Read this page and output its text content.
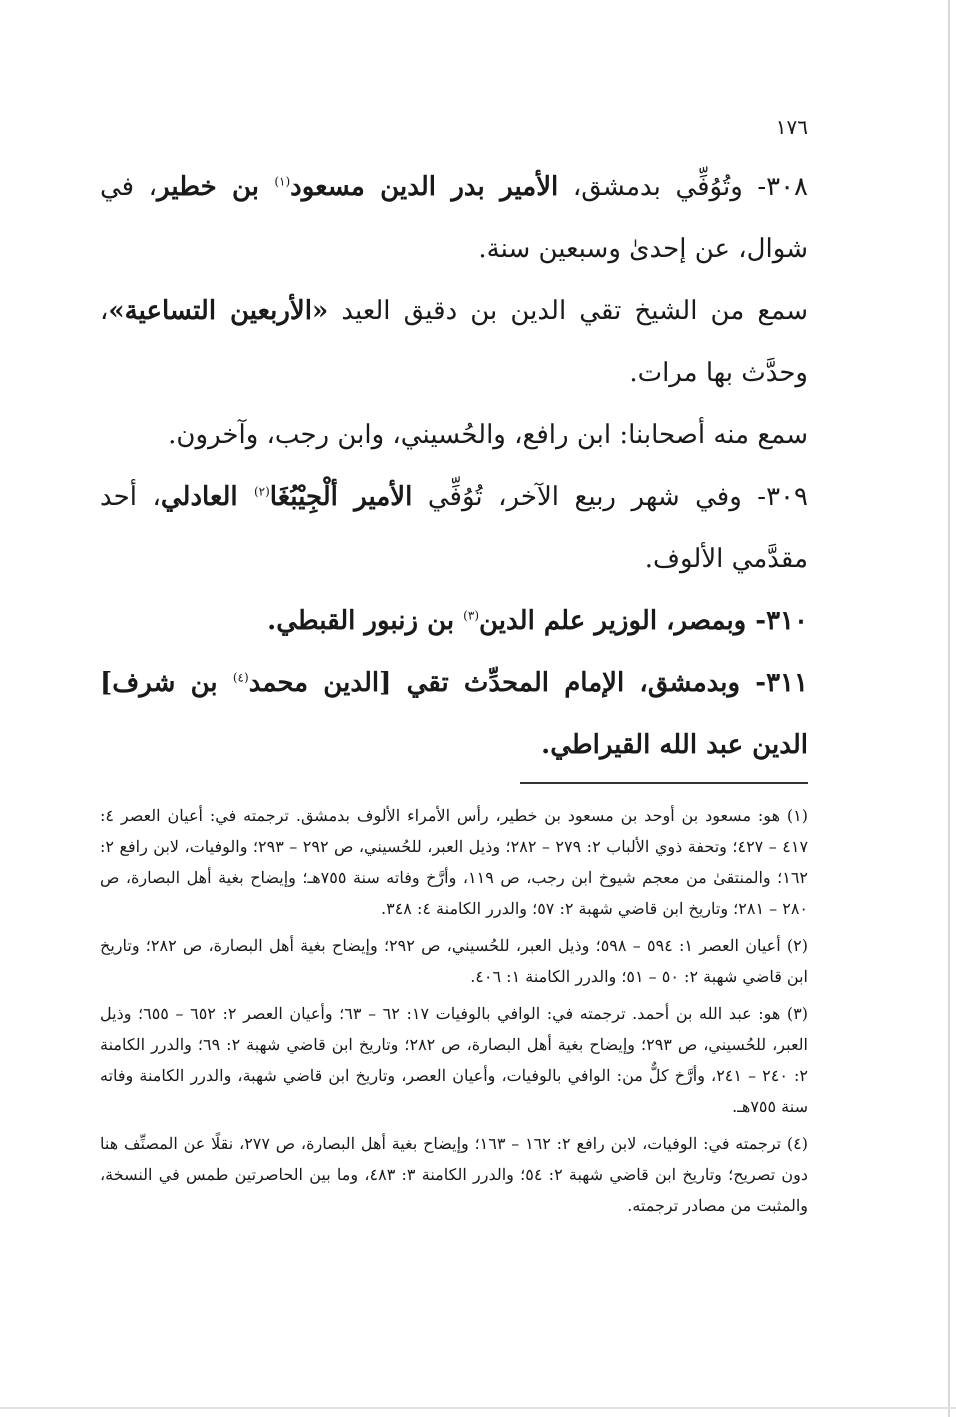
١٧٦

٣٠٨- وتُوُفِّي بدمشق، الأمير بدر الدين مسعود$^{(١)}$ بن خطير، في شوال، عن إحدىٰ وسبعين سنة.

سمع من الشيخ تقي الدين بن دقيق العيد «الأربعين التساعية»، وحدَّث بها مرات.

سمع منه أصحابنا: ابن رافع، والحُسيني، وابن رجب، وآخرون.

٣٠٩- وفي شهر ربيع الآخر، تُوُفِّي الأمير ألْجِيْبُغَا$^{(٢)}$ العادلي، أحد مقدَّمي الألوف.

٣١٠- وبمصر، الوزير علم الدين$^{(٣)}$ بن زنبور القبطي.

٣١١- وبدمشق، الإمام المحدِّث تقي [الدين محمد$^{(٤)}$ بن شرف] الدين عبد الله القيراطي.

(١) هو: مسعود بن أوحد بن مسعود بن خطير، رأس الأمراء الألوف بدمشق. ترجمته في: أعيان العصر ٤: ٤١٧ – ٤٢٧؛ وتحفة ذوي الألباب ٢: ٢٧٩ – ٢٨٢؛ وذيل العبر، للحُسيني، ص ٢٩٢ – ٢٩٣؛ والوفيات، لابن رافع ٢: ١٦٢؛ والمنتقىٰ من معجم شيوخ ابن رجب، ص ١١٩، وأرَّخ وفاته سنة ٧٥٥هـ؛ وإيضاح بغية أهل البصارة، ص ٢٨٠ – ٢٨١؛ وتاريخ ابن قاضي شهبة ٢: ٥٧؛ والدرر الكامنة ٤: ٣٤٨.

(٢) أعيان العصر ١: ٥٩٤ – ٥٩٨؛ وذيل العبر، للحُسيني، ص ٢٩٢؛ وإيضاح بغية أهل البصارة، ص ٢٨٢؛ وتاريخ ابن قاضي شهبة ٢: ٥٠ – ٥١؛ والدرر الكامنة ١: ٤٠٦.

(٣) هو: عبد الله بن أحمد. ترجمته في: الوافي بالوفيات ١٧: ٦٢ – ٦٣؛ وأعيان العصر ٢: ٦٥٢ – ٦٥٥؛ وذيل العبر، للحُسيني، ص ٢٩٣؛ وإيضاح بغية أهل البصارة، ص ٢٨٢؛ وتاريخ ابن قاضي شهبة ٢: ٦٩؛ والدرر الكامنة ٢: ٢٤٠ – ٢٤١، وأرَّخ كلٌّ من: الوافي بالوفيات، وأعيان العصر، وتاريخ ابن قاضي شهبة، والدرر الكامنة وفاته سنة ٧٥٥هـ.

(٤) ترجمته في: الوفيات، لابن رافع ٢: ١٦٢ – ١٦٣؛ وإيضاح بغية أهل البصارة، ص ٢٧٧، نقلًا عن المصنِّف هنا دون تصريح؛ وتاريخ ابن قاضي شهبة ٢: ٥٤؛ والدرر الكامنة ٣: ٤٨٣، وما بين الحاصرتين طمس في النسخة، والمثبت من مصادر ترجمته.
